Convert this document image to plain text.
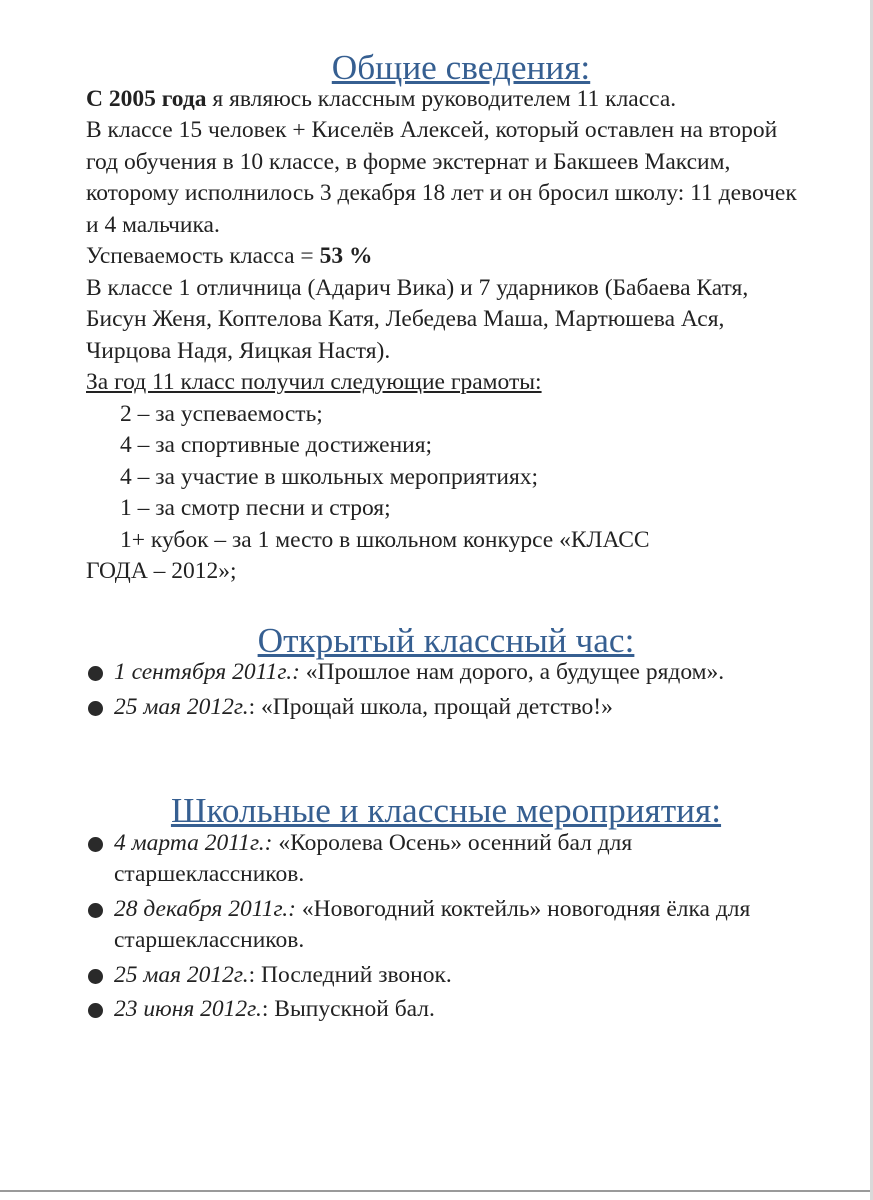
Общие сведения:

С 2005 года я являюсь классным руководителем 11 класса.

В классе 15 человек + Киселёв Алексей, который оставлен на второй год обучения в 10 классе, в форме экстернат и Бакшеев Максим, которому исполнилось 3 декабря 18 лет и он бросил школу: 11 девочек и 4 мальчика.

Успеваемость класса = 53 %

В классе 1 отличница (Адарич Вика) и 7 ударников (Бабаева Катя, Бисун Женя, Коптелова Катя, Лебедева Маша, Мартюшева Ася, Чирцова Надя, Яицкая Настя).

За год 11 класс получил следующие грамоты:

2 – за успеваемость;
4 – за спортивные достижения;
4 – за участие в школьных мероприятиях;
1 – за смотр песни и строя;
1+ кубок – за 1 место в школьном конкурсе «КЛАСС
ГОДА – 2012»;
Открытый классный час:
1 сентября 2011г.: «Прошлое нам дорого, а будущее рядом».
25 мая 2012г.: «Прощай школа, прощай детство!»
Школьные и классные мероприятия:
4 марта 2011г.: «Королева Осень» осенний бал для старшеклассников.
28 декабря 2011г.: «Новогодний коктейль» новогодняя ёлка для старшеклассников.
25 мая 2012г.: Последний звонок.
23 июня 2012г.: Выпускной бал.
